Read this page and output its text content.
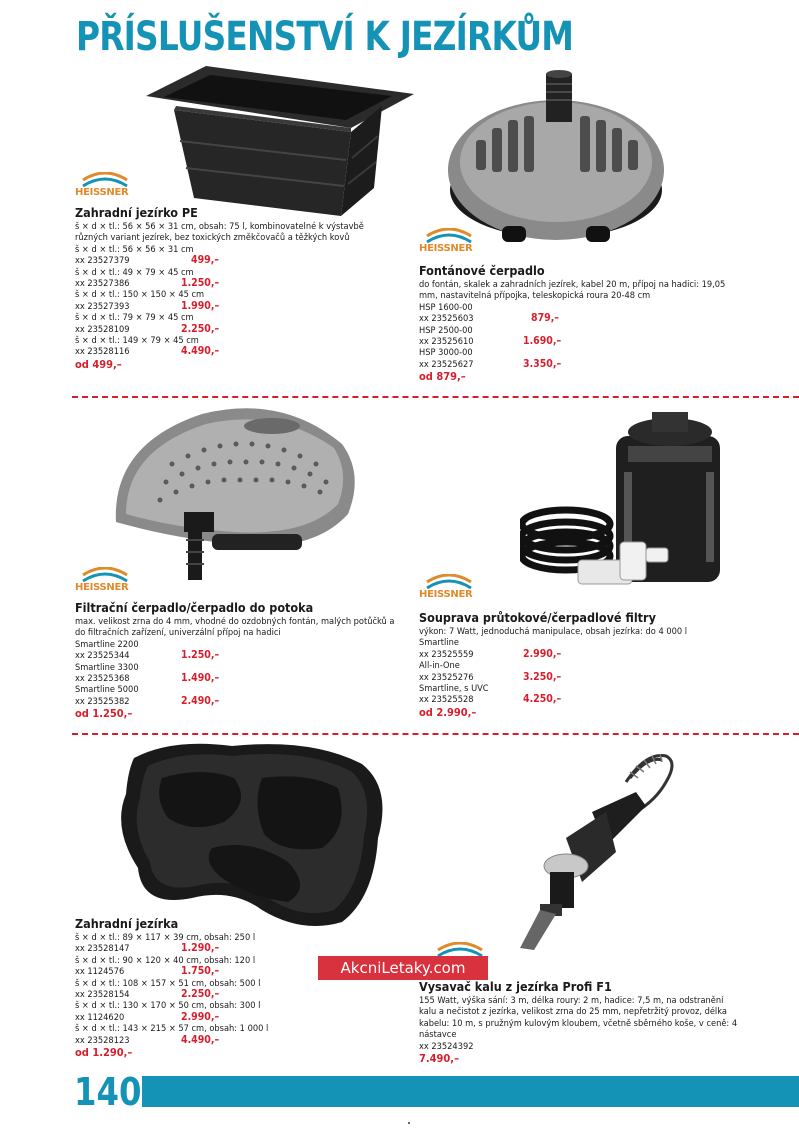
PŘÍSLUŠENSTVÍ K JEZÍRKŮM
HEISSNER
HEISSNER
HEISSNER
HEISSNER
Zahradní jezírko PE
š × d × tl.: 56 × 56 × 31 cm, obsah: 75 l, kombinovatelné k výstavbě různých variant jezírek, bez toxických změkčovačů a těžkých kovů
š × d × tl.: 56 × 56 × 31 cm
xx 23527379	499,–
š × d × tl.: 49 × 79 × 45 cm
xx 23527386	1.250,–
š × d × tl.: 150 × 150 × 45 cm
xx 23527393	1.990,–
š × d × tl.: 79 × 79 × 45 cm
xx 23528109	2.250,–
š × d × tl.: 149 × 79 × 45 cm
xx 23528116	4.490,–
od 499,–
Fontánové čerpadlo
do fontán, skalek a zahradních jezírek, kabel 20 m, přípoj na hadici: 19,05 mm, nastavitelná přípojka, teleskopická roura 20-48 cm
HSP 1600-00
xx 23525603	879,–
HSP 2500-00
xx 23525610	1.690,–
HSP 3000-00
xx 23525627	3.350,–
od 879,–
Filtrační čerpadlo/čerpadlo do potoka
max. velikost zrna do 4 mm, vhodné do ozdobných fontán, malých potůčků a do filtračních zařízení, univerzální přípoj na hadici
Smartline 2200
xx 23525344	1.250,–
Smartline 3300
xx 23525368	1.490,–
Smartline 5000
xx 23525382	2.490,–
od 1.250,–
Souprava průtokové/čerpadlové filtry
výkon: 7 Watt, jednoduchá manipulace, obsah jezírka: do 4 000 l
Smartline
xx 23525559	2.990,–
All-in-One
xx 23525276	3.250,–
Smartline, s UVC
xx 23525528	4.250,–
od 2.990,–
Zahradní jezírka
š × d × tl.: 89 × 117 × 39 cm, obsah: 250 l
xx 23528147	1.290,–
š × d × tl.: 90 × 120 × 40 cm, obsah: 120 l
xx 1124576	1.750,–
š × d × tl.: 108 × 157 × 51 cm, obsah: 500 l
xx 23528154	2.250,–
š × d × tl.: 130 × 170 × 50 cm, obsah: 300 l
xx 1124620	2.990,–
š × d × tl.: 143 × 215 × 57 cm, obsah: 1 000 l
xx 23528123	4.490,–
od 1.290,–
AkcniLetaky.com
Vysavač kalu z jezírka Profi F1
155 Watt, výška sání: 3 m, délka roury: 2 m, hadice: 7,5 m, na odstranění kalu a nečistot z jezírka, velikost zrna do 25 mm, nepřetržitý provoz, délka kabelu: 10 m, s pružným kulovým kloubem, včetně sběrného koše, v ceně: 4 nástavce
xx 23524392
7.490,–
140
